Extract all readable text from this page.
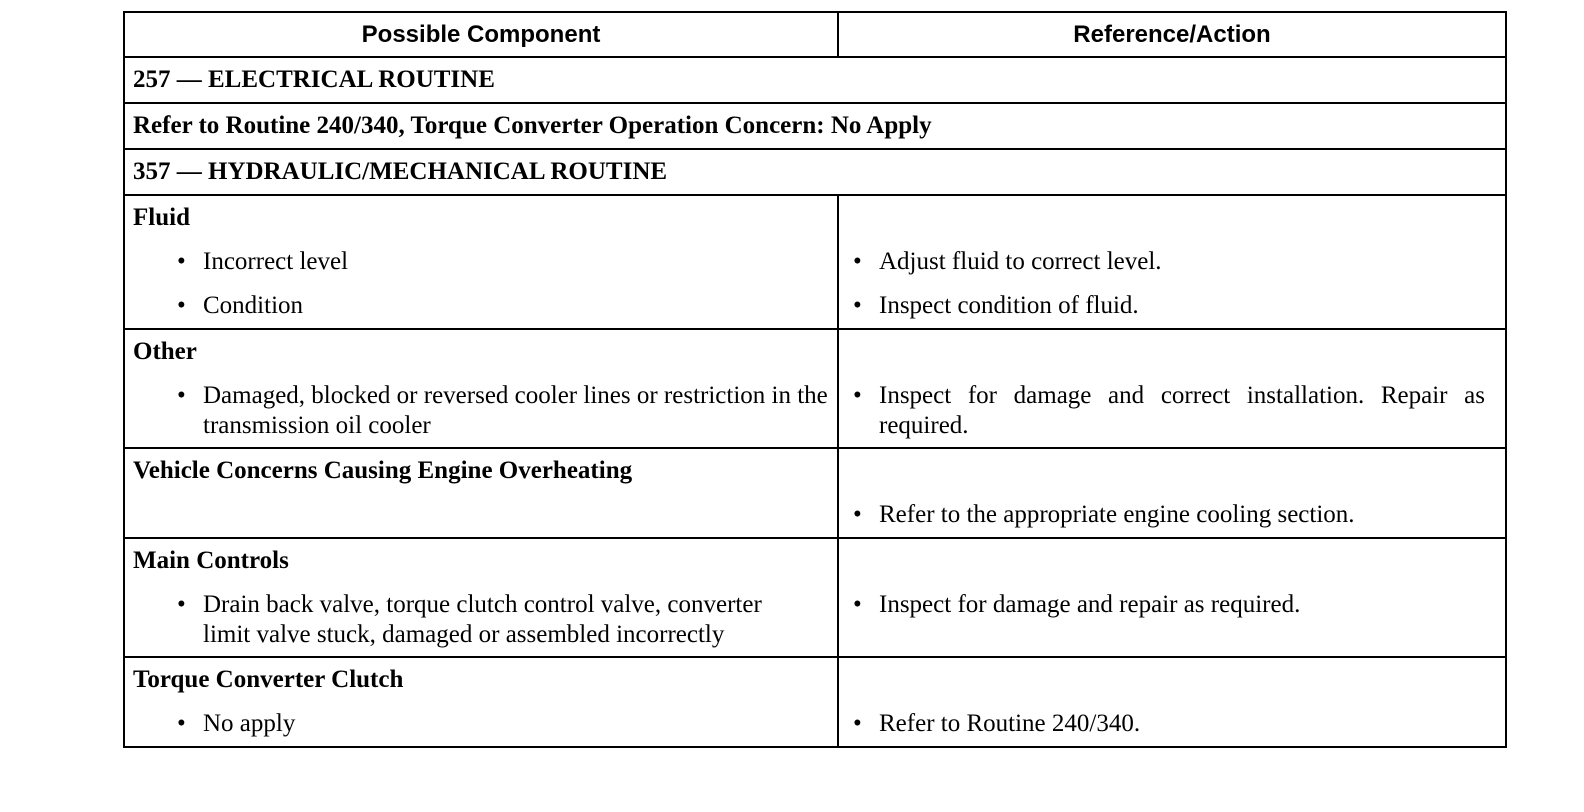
Possible Component	Reference/Action
257 — ELECTRICAL ROUTINE
Refer to Routine 240/340, Torque Converter Operation Concern: No Apply
357 — HYDRAULIC/MECHANICAL ROUTINE
Fluid
• Incorrect level
• Condition
• Adjust fluid to correct level.
• Inspect condition of fluid.
Other
• Damaged, blocked or reversed cooler lines or restriction in the transmission oil cooler
• Inspect for damage and correct installation. Repair as required.
Vehicle Concerns Causing Engine Overheating
• Refer to the appropriate engine cooling section.
Main Controls
• Drain back valve, torque clutch control valve, converter limit valve stuck, damaged or assembled incorrectly
• Inspect for damage and repair as required.
Torque Converter Clutch
• No apply	• Refer to Routine 240/340.
